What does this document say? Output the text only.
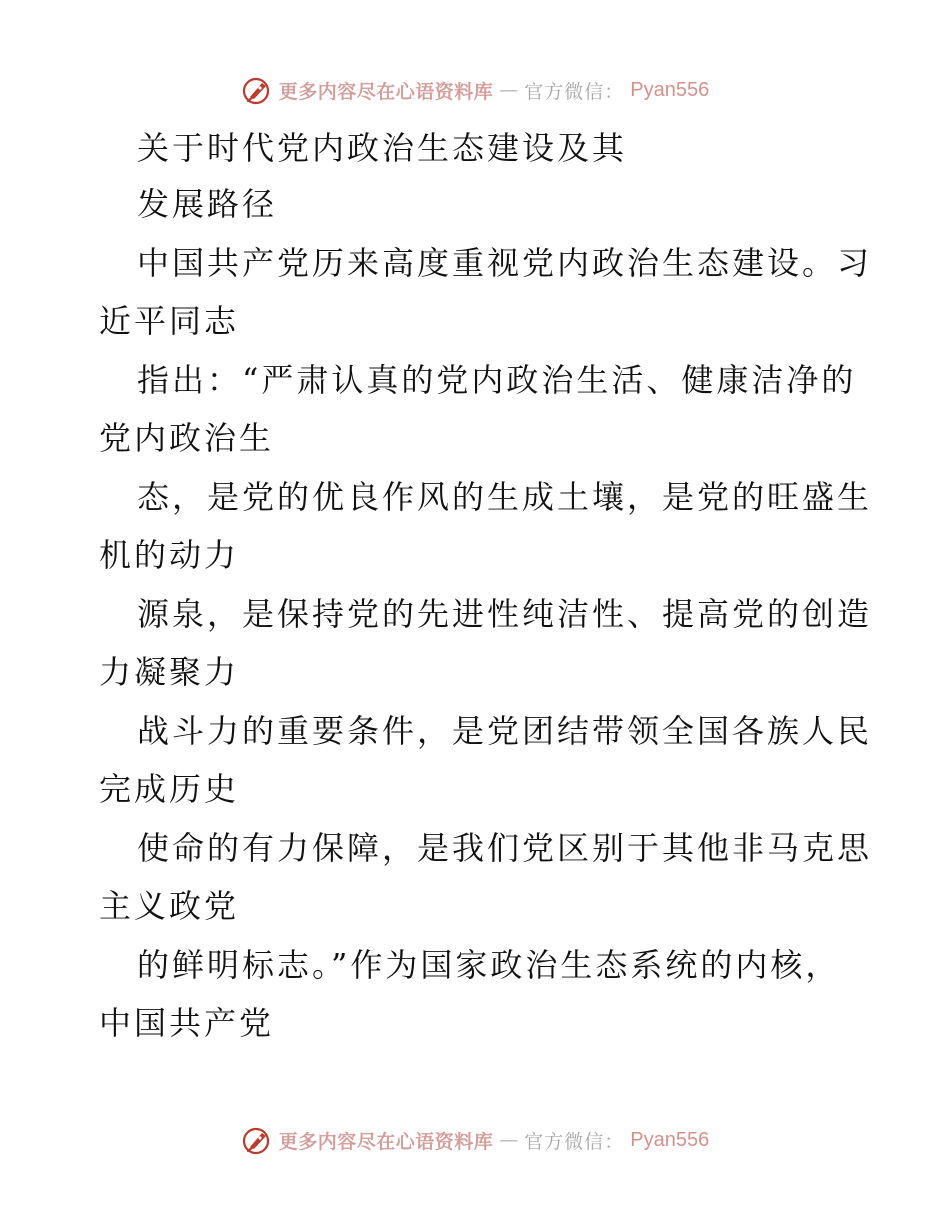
更多内容尽在心语资料库 — 官方微信： Pyan556
关于时代党内政治生态建设及其
发展路径
中国共产党历来高度重视党内政治生态建设。习
近平同志
指出：“严肃认真的党内政治生活、健康洁净的
党内政治生
态，是党的优良作风的生成土壤，是党的旺盛生
机的动力
源泉，是保持党的先进性纯洁性、提高党的创造
力凝聚力
战斗力的重要条件，是党团结带领全国各族人民
完成历史
使命的有力保障，是我们党区别于其他非马克思
主义政党
的鲜明标志。”作为国家政治生态系统的内核，
中国共产党
更多内容尽在心语资料库 — 官方微信： Pyan556
